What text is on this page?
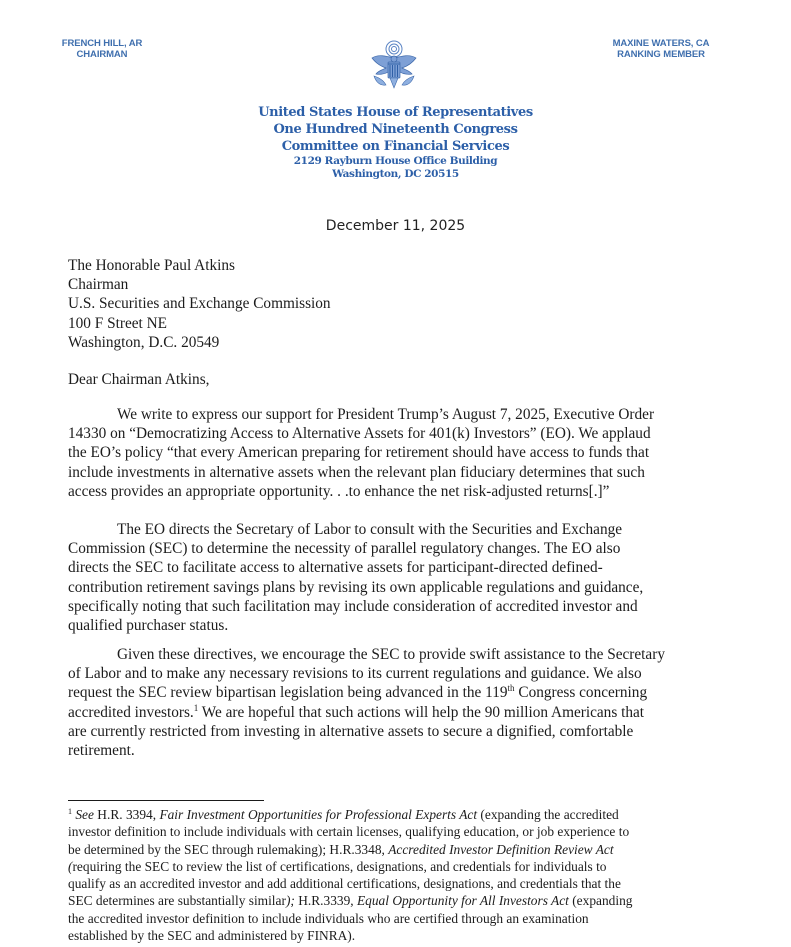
FRENCH HILL, AR
CHAIRMAN
MAXINE WATERS, CA
RANKING MEMBER
United States House of Representatives
One Hundred Nineteenth Congress
Committee on Financial Services
2129 Rayburn House Office Building
Washington, DC 20515
December 11, 2025
The Honorable Paul Atkins
Chairman
U.S. Securities and Exchange Commission
100 F Street NE
Washington, D.C. 20549
Dear Chairman Atkins,
We write to express our support for President Trump’s August 7, 2025, Executive Order
14330 on “Democratizing Access to Alternative Assets for 401(k) Investors” (EO). We applaud
the EO’s policy “that every American preparing for retirement should have access to funds that
include investments in alternative assets when the relevant plan fiduciary determines that such
access provides an appropriate opportunity. . .to enhance the net risk-adjusted returns[.]”
The EO directs the Secretary of Labor to consult with the Securities and Exchange
Commission (SEC) to determine the necessity of parallel regulatory changes. The EO also
directs the SEC to facilitate access to alternative assets for participant-directed defined-
contribution retirement savings plans by revising its own applicable regulations and guidance,
specifically noting that such facilitation may include consideration of accredited investor and
qualified purchaser status.
Given these directives, we encourage the SEC to provide swift assistance to the Secretary
of Labor and to make any necessary revisions to its current regulations and guidance. We also
request the SEC review bipartisan legislation being advanced in the 119th Congress concerning
accredited investors.$^1$ We are hopeful that such actions will help the 90 million Americans that
are currently restricted from investing in alternative assets to secure a dignified, comfortable
retirement.
$^1$ See H.R. 3394, Fair Investment Opportunities for Professional Experts Act (expanding the accredited
investor definition to include individuals with certain licenses, qualifying education, or job experience to
be determined by the SEC through rulemaking); H.R.3348, Accredited Investor Definition Review Act
(requiring the SEC to review the list of certifications, designations, and credentials for individuals to
qualify as an accredited investor and add additional certifications, designations, and credentials that the
SEC determines are substantially similar); H.R.3339, Equal Opportunity for All Investors Act (expanding
the accredited investor definition to include individuals who are certified through an examination
established by the SEC and administered by FINRA).
